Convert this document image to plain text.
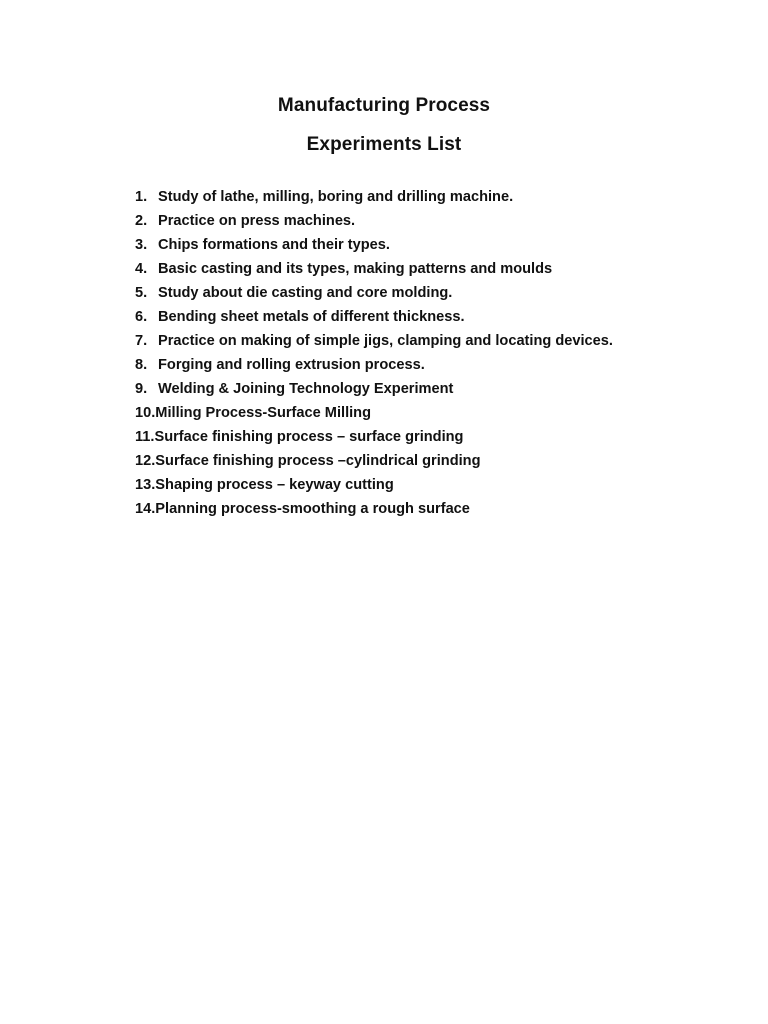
Manufacturing Process
Experiments List
1. Study of lathe, milling, boring and drilling machine.
2. Practice on press machines.
3. Chips formations and their types.
4. Basic casting and its types, making patterns and moulds
5. Study about die casting and core molding.
6. Bending sheet metals of different thickness.
7. Practice on making of simple jigs, clamping and locating devices.
8. Forging and rolling extrusion process.
9. Welding & Joining Technology Experiment
10. Milling Process-Surface Milling
11. Surface finishing process – surface grinding
12. Surface finishing process –cylindrical grinding
13. Shaping process – keyway cutting
14. Planning process-smoothing a rough surface
